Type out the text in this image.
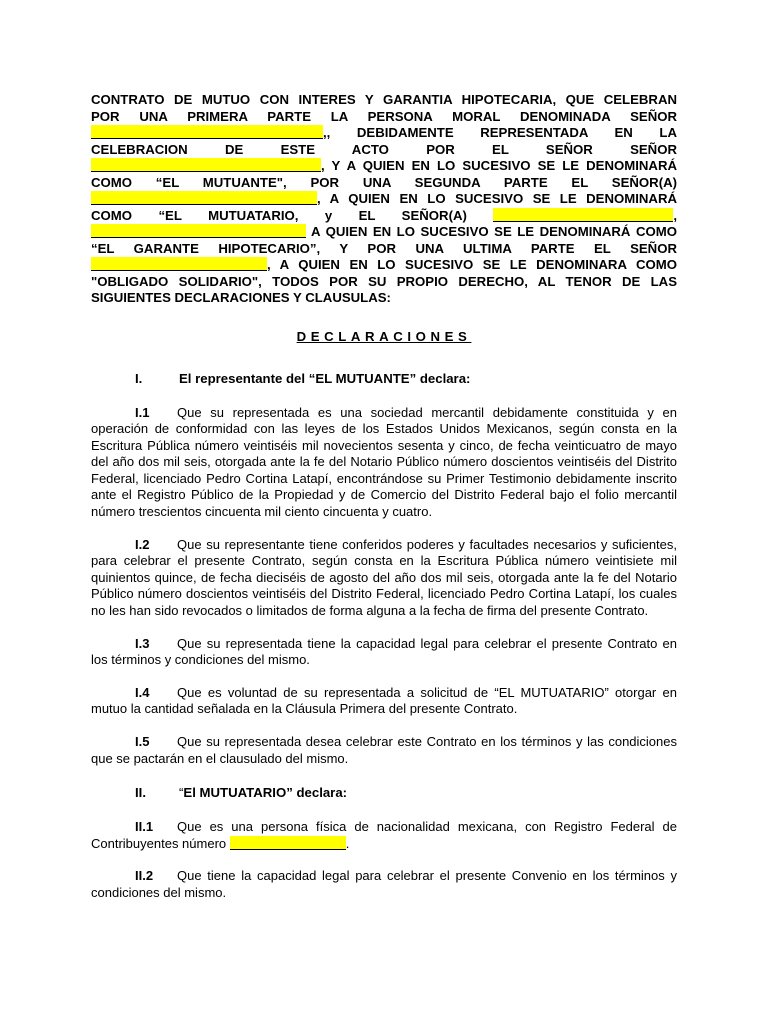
CONTRATO DE MUTUO CON INTERES Y GARANTIA HIPOTECARIA, QUE CELEBRAN
POR UNA PRIMERA PARTE LA PERSONA MORAL DENOMINADA SEÑOR
,, DEBIDAMENTE REPRESENTADA EN LA
CELEBRACION DE ESTE ACTO POR EL SEÑOR SEÑOR
, Y A QUIEN EN LO SUCESIVO SE LE DENOMINARÁ
COMO “EL MUTUANTE", POR UNA SEGUNDA PARTE EL SEÑOR(A)
, A QUIEN EN LO SUCESIVO SE LE DENOMINARÁ
COMO “EL MUTUATARIO, y EL SEÑOR(A)	,
A QUIEN EN LO SUCESIVO SE LE DENOMINARÁ COMO
“EL GARANTE HIPOTECARIO”, Y POR UNA ULTIMA PARTE EL SEÑOR
, A QUIEN EN LO SUCESIVO SE LE DENOMINARA COMO
"OBLIGADO SOLIDARIO", TODOS POR SU PROPIO DERECHO, AL TENOR DE LAS
SIGUIENTES DECLARACIONES Y CLAUSULAS:
DECLARACIONES
I.	El representante del “EL MUTUANTE” declara:

I.1 Que su representada es una sociedad mercantil debidamente constituida y en operación de conformidad con las leyes de los Estados Unidos Mexicanos, según consta en la Escritura Pública número veintiséis mil novecientos sesenta y cinco, de fecha veinticuatro de mayo del año dos mil seis, otorgada ante la fe del Notario Público número doscientos veintiséis del Distrito Federal, licenciado Pedro Cortina Latapí, encontrándose su Primer Testimonio debidamente inscrito ante el Registro Público de la Propiedad y de Comercio del Distrito Federal bajo el folio mercantil número trescientos cincuenta mil ciento cincuenta y cuatro.

I.2 Que su representante tiene conferidos poderes y facultades necesarios y suficientes, para celebrar el presente Contrato, según consta en la Escritura Pública número veintisiete mil quinientos quince, de fecha dieciséis de agosto del año dos mil seis, otorgada ante la fe del Notario Público número doscientos veintiséis del Distrito Federal, licenciado Pedro Cortina Latapí, los cuales no les han sido revocados o limitados de forma alguna a la fecha de firma del presente Contrato.

I.3 Que su representada tiene la capacidad legal para celebrar el presente Contrato en los términos y condiciones del mismo.

I.4 Que es voluntad de su representada a solicitud de “EL MUTUATARIO” otorgar en mutuo la cantidad señalada en la Cláusula Primera del presente Contrato.

I.5 Que su representada desea celebrar este Contrato en los términos y las condiciones que se pactarán en el clausulado del mismo.

II.	“El MUTUATARIO” declara:

II.1 Que es una persona física de nacionalidad mexicana, con Registro Federal de Contribuyentes número	.

II.2 Que tiene la capacidad legal para celebrar el presente Convenio en los términos y condiciones del mismo.
